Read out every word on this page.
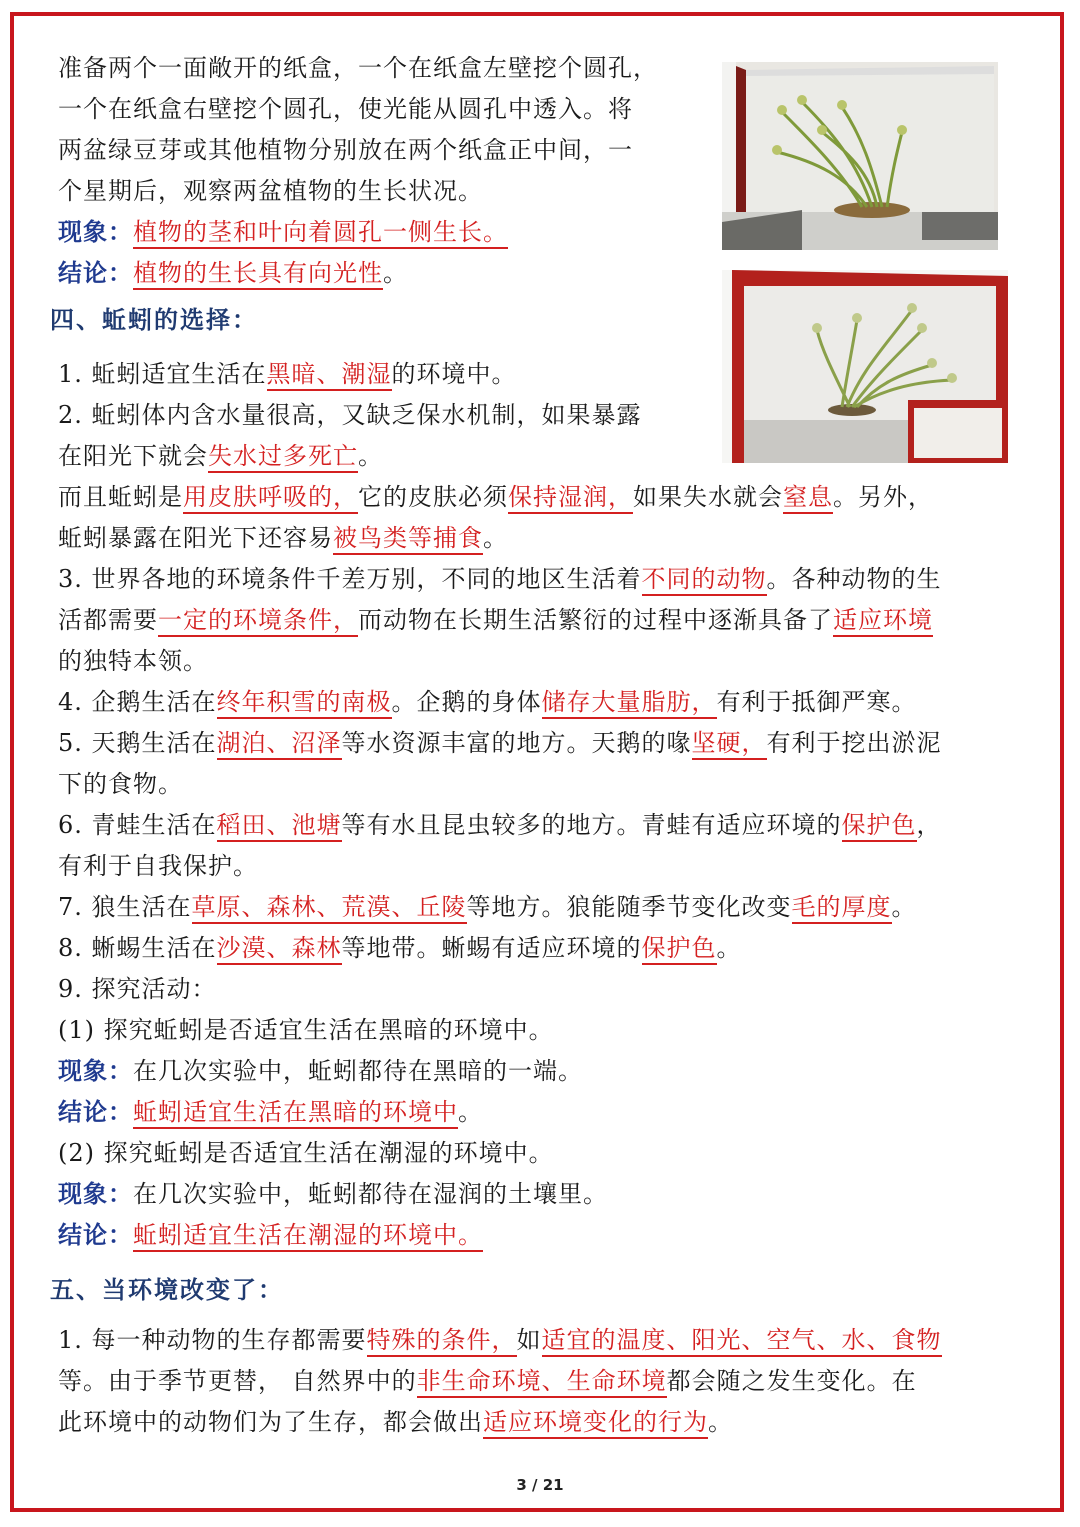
准备两个一面敞开的纸盒，一个在纸盒左壁挖个圆孔，

一个在纸盒右壁挖个圆孔，使光能从圆孔中透入。将

两盆绿豆芽或其他植物分别放在两个纸盒正中间，一

个星期后，观察两盆植物的生长状况。

现象：植物的茎和叶向着圆孔一侧生长。

结论：植物的生长具有向光性。

四、蚯蚓的选择：

1. 蚯蚓适宜生活在黑暗、潮湿的环境中。

2. 蚯蚓体内含水量很高，又缺乏保水机制，如果暴露

在阳光下就会失水过多死亡。

而且蚯蚓是用皮肤呼吸的，它的皮肤必须保持湿润，如果失水就会窒息。另外，

蚯蚓暴露在阳光下还容易被鸟类等捕食。

3. 世界各地的环境条件千差万别，不同的地区生活着不同的动物。各种动物的生

活都需要一定的环境条件，而动物在长期生活繁衍的过程中逐渐具备了适应环境

的独特本领。

4. 企鹅生活在终年积雪的南极。企鹅的身体储存大量脂肪，有利于抵御严寒。

5. 天鹅生活在湖泊、沼泽等水资源丰富的地方。天鹅的喙坚硬，有利于挖出淤泥

下的食物。

6. 青蛙生活在稻田、池塘等有水且昆虫较多的地方。青蛙有适应环境的保护色，

有利于自我保护。

7. 狼生活在草原、森林、荒漠、丘陵等地方。狼能随季节变化改变毛的厚度。

8. 蜥蜴生活在沙漠、森林等地带。蜥蜴有适应环境的保护色。

9. 探究活动：

(1) 探究蚯蚓是否适宜生活在黑暗的环境中。

现象：在几次实验中，蚯蚓都待在黑暗的一端。

结论：蚯蚓适宜生活在黑暗的环境中。

(2) 探究蚯蚓是否适宜生活在潮湿的环境中。

现象：在几次实验中，蚯蚓都待在湿润的土壤里。

结论：蚯蚓适宜生活在潮湿的环境中。

五、当环境改变了：

1. 每一种动物的生存都需要特殊的条件，如适宜的温度、阳光、空气、水、食物

等。由于季节更替， 自然界中的非生命环境、生命环境都会随之发生变化。在

此环境中的动物们为了生存，都会做出适应环境变化的行为。

3 / 21
